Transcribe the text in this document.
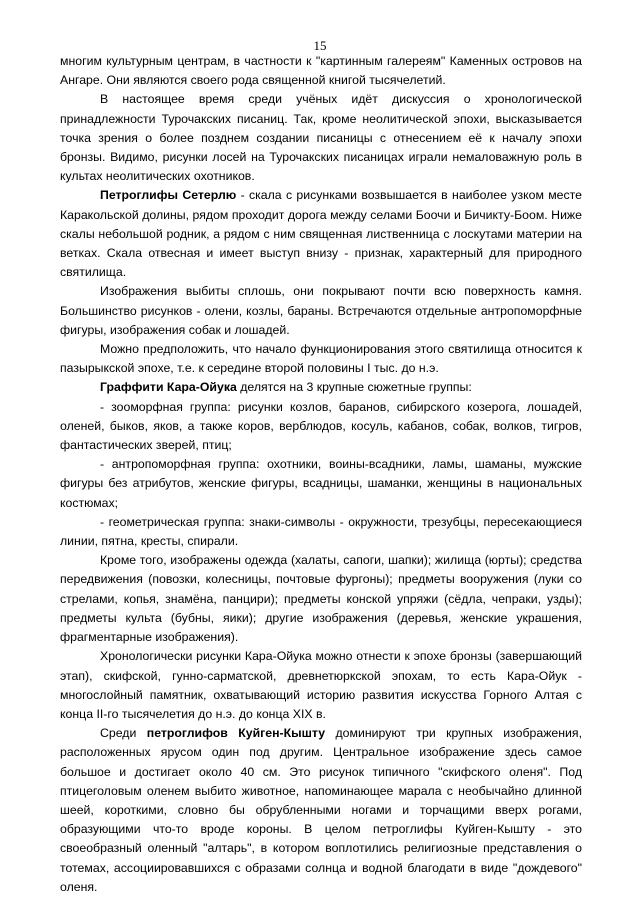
15

многим культурным центрам, в частности к "картинным галереям" Каменных островов на Ангаре. Они являются своего рода священной книгой тысячелетий.

В настоящее время среди учёных идёт дискуссия о хронологической принадлежности Турочакских писаниц. Так, кроме неолитической эпохи, высказывается точка зрения о более позднем создании писаницы с отнесением её к началу эпохи бронзы. Видимо, рисунки лосей на Турочакских писаницах играли немаловажную роль в культах неолитических охотников.

Петроглифы Сетерлю - скала с рисунками возвышается в наиболее узком месте Каракольской долины, рядом проходит дорога между селами Боочи и Бичикту-Боом. Ниже скалы небольшой родник, а рядом с ним священная лиственница с лоскутами материи на ветках. Скала отвесная и имеет выступ внизу - признак, характерный для природного святилища.

Изображения выбиты сплошь, они покрывают почти всю поверхность камня. Большинство рисунков - олени, козлы, бараны. Встречаются отдельные антропоморфные фигуры, изображения собак и лошадей.

Можно предположить, что начало функционирования этого святилища относится к пазырыкской эпохе, т.е. к середине второй половины I тыс. до н.э.

Граффити Кара-Ойука делятся на 3 крупные сюжетные группы:

- зооморфная группа: рисунки козлов, баранов, сибирского козерога, лошадей, оленей, быков, яков, а также коров, верблюдов, косуль, кабанов, собак, волков, тигров, фантастических зверей, птиц;

- антропоморфная группа: охотники, воины-всадники, ламы, шаманы, мужские фигуры без атрибутов, женские фигуры, всадницы, шаманки, женщины в национальных костюмах;

- геометрическая группа: знаки-символы - окружности, трезубцы, пересекающиеся линии, пятна, кресты, спирали.

Кроме того, изображены одежда (халаты, сапоги, шапки); жилища (юрты); средства передвижения (повозки, колесницы, почтовые фургоны); предметы вооружения (луки со стрелами, копья, знамёна, панцири); предметы конской упряжи (сёдла, чепраки, узды); предметы культа (бубны, яики); другие изображения (деревья, женские украшения, фрагментарные изображения).

Хронологически рисунки Кара-Ойука можно отнести к эпохе бронзы (завершающий этап), скифской, гунно-сарматской, древнетюркской эпохам, то есть Кара-Ойук - многослойный памятник, охватывающий историю развития искусства Горного Алтая с конца II-го тысячелетия до н.э. до конца XIX в.

Среди петроглифов Куйген-Кышту доминируют три крупных изображения, расположенных ярусом один под другим. Центральное изображение здесь самое большое и достигает около 40 см. Это рисунок типичного "скифского оленя". Под птицеголовым оленем выбито животное, напоминающее марала с необычайно длинной шеей, короткими, словно бы обрубленными ногами и торчащими вверх рогами, образующими что-то вроде короны. В целом петроглифы Куйген-Кышту - это своеобразный оленный "алтарь", в котором воплотились религиозные представления о тотемах, ассоциировавшихся с образами солнца и водной благодати в виде "дождевого" оленя.
